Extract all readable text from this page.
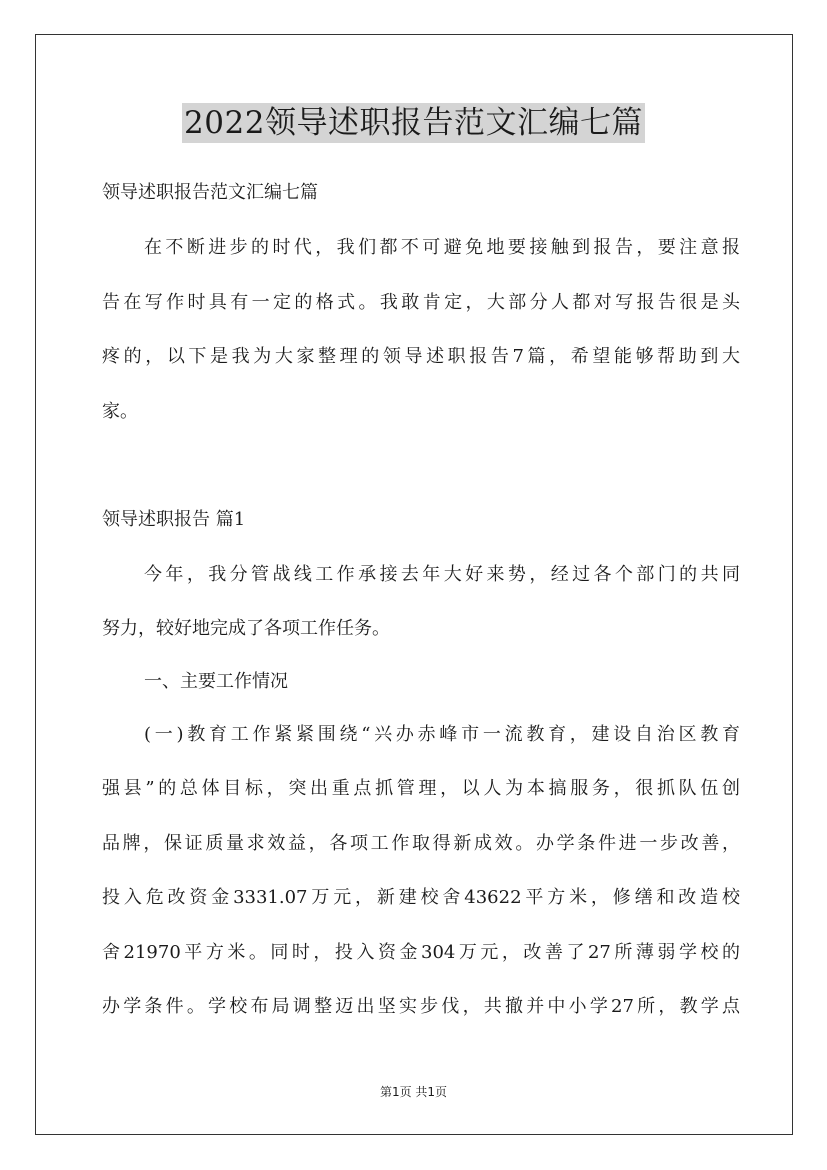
2022领导述职报告范文汇编七篇

领导述职报告范文汇编七篇

在不断进步的时代，我们都不可避免地要接触到报告，要注意报

告在写作时具有一定的格式。我敢肯定，大部分人都对写报告很是头

疼的，以下是我为大家整理的领导述职报告7篇，希望能够帮助到大

家。

领导述职报告 篇1

今年，我分管战线工作承接去年大好来势，经过各个部门的共同

努力，较好地完成了各项工作任务。

一、主要工作情况

(一)教育工作紧紧围绕“兴办赤峰市一流教育，建设自治区教育

强县”的总体目标，突出重点抓管理，以人为本搞服务，很抓队伍创

品牌，保证质量求效益，各项工作取得新成效。办学条件进一步改善，

投入危改资金3331.07万元，新建校舍43622平方米，修缮和改造校

舍21970平方米。同时，投入资金304万元，改善了27所薄弱学校的

办学条件。学校布局调整迈出坚实步伐，共撤并中小学27所，教学点

第1页 共1页
